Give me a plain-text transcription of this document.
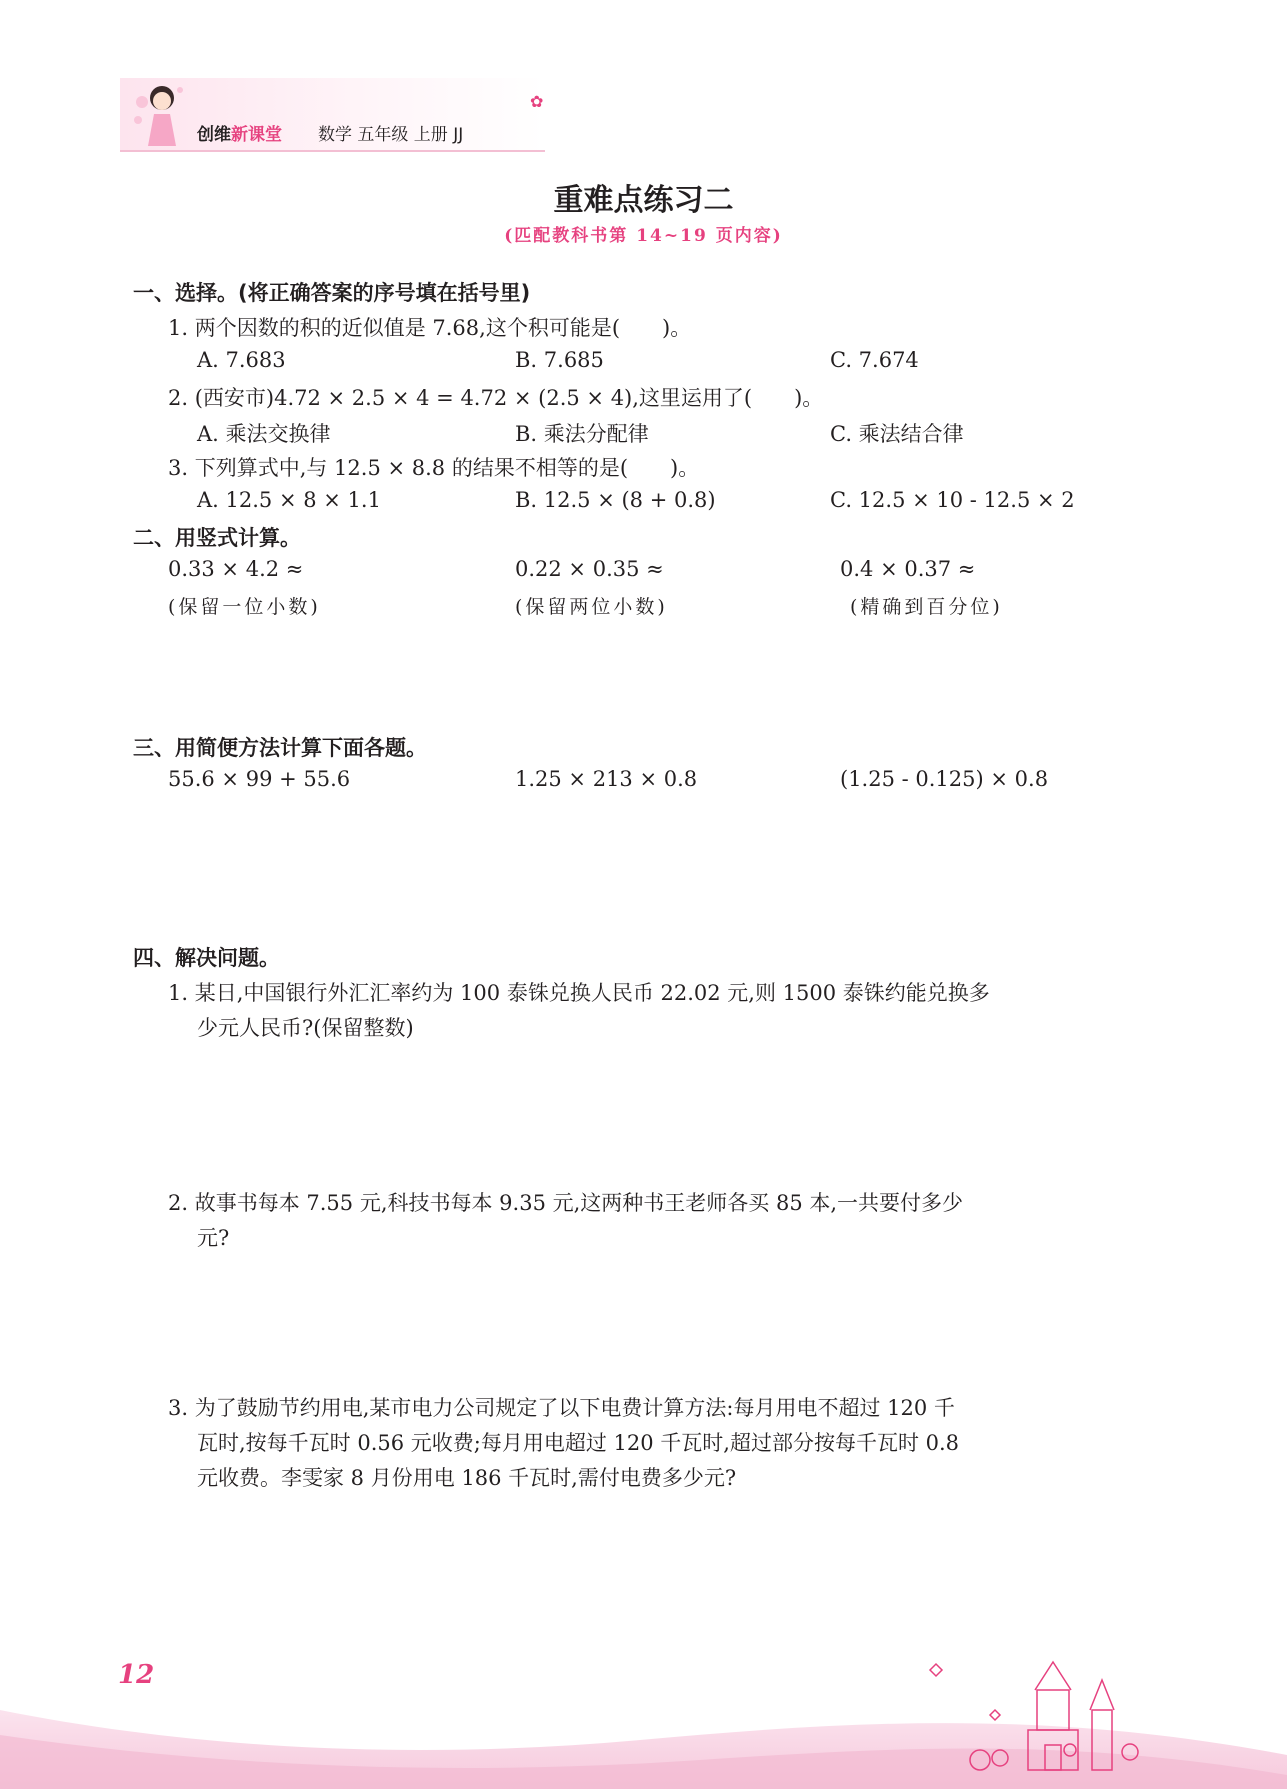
创维新课堂 数学 五年级 上册 JJ
✿
重难点练习二
(匹配教科书第 14~19 页内容)
一、选择。(将正确答案的序号填在括号里)
1. 两个因数的积的近似值是 7.68,这个积可能是(　　)。
A. 7.683	B. 7.685	C. 7.674
2. (西安市)4.72 × 2.5 × 4 = 4.72 × (2.5 × 4),这里运用了(　　)。
A. 乘法交换律	B. 乘法分配律	C. 乘法结合律
3. 下列算式中,与 12.5 × 8.8 的结果不相等的是(　　)。
A. 12.5 × 8 × 1.1	B. 12.5 × (8 + 0.8)	C. 12.5 × 10 - 12.5 × 2
二、用竖式计算。
0.33 × 4.2 ≈	0.22 × 0.35 ≈	0.4 × 0.37 ≈
(保留一位小数)	(保留两位小数)	(精确到百分位)
三、用简便方法计算下面各题。
55.6 × 99 + 55.6	1.25 × 213 × 0.8	(1.25 - 0.125) × 0.8
四、解决问题。
1. 某日,中国银行外汇汇率约为 100 泰铢兑换人民币 22.02 元,则 1500 泰铢约能兑换多
少元人民币?(保留整数)
2. 故事书每本 7.55 元,科技书每本 9.35 元,这两种书王老师各买 85 本,一共要付多少
元?
3. 为了鼓励节约用电,某市电力公司规定了以下电费计算方法:每月用电不超过 120 千
瓦时,按每千瓦时 0.56 元收费;每月用电超过 120 千瓦时,超过部分按每千瓦时 0.8
元收费。李雯家 8 月份用电 186 千瓦时,需付电费多少元?
12
